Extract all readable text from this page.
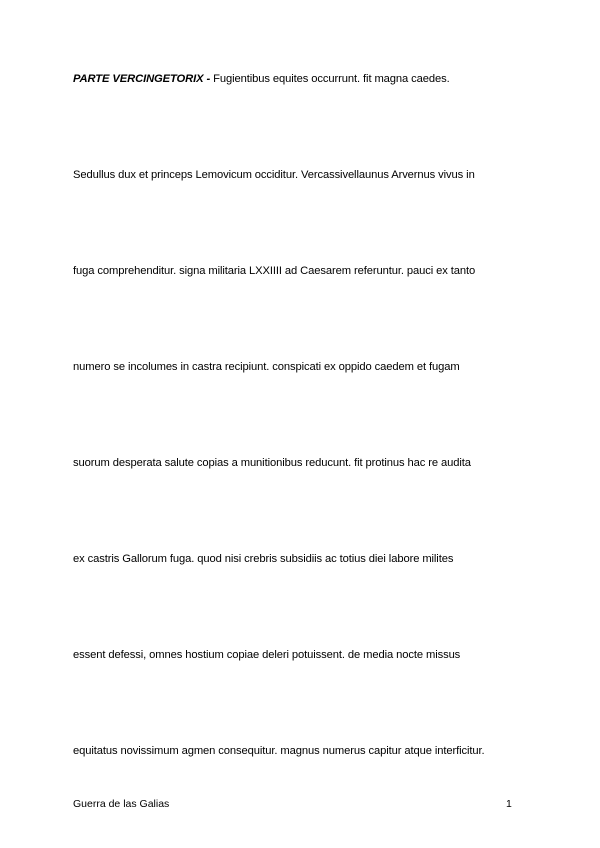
PARTE VERCINGETORIX - Fugientibus equites occurrunt. fit magna caedes.
Sedullus dux et princeps Lemovicum occiditur. Vercassivellaunus Arvernus vivus in
fuga comprehenditur. signa militaria LXXIIII ad Caesarem referuntur. pauci ex tanto
numero se incolumes in castra recipiunt. conspicati ex oppido caedem et fugam
suorum desperata salute copias a munitionibus reducunt. fit protinus hac re audita
ex castris Gallorum fuga. quod nisi crebris subsidiis ac totius diei labore milites
essent defessi, omnes hostium copiae deleri potuissent. de media nocte missus
equitatus novissimum agmen consequitur. magnus numerus capitur atque interficitur.
Guerra de las Galias	1
